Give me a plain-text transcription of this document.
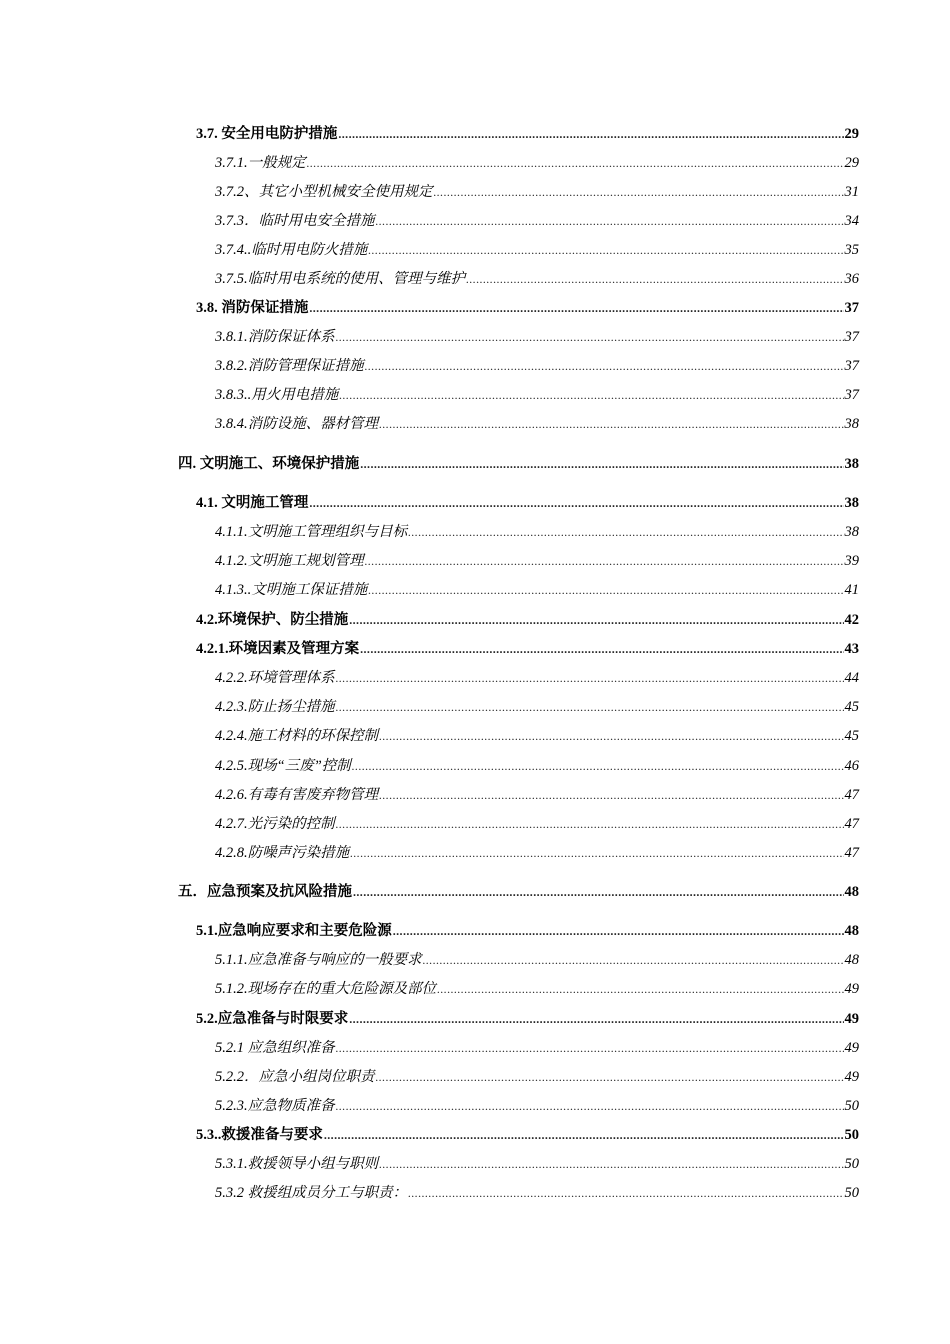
3.7. 安全用电防护措施 .....	29
3.7.1.一般规定 .....	29
3.7.2、其它小型机械安全使用规定 .....	31
3.7.3．临时用电安全措施 .....	34
3.7.4..临时用电防火措施 .....	35
3.7.5.临时用电系统的使用、管理与维护 .....	36
3.8. 消防保证措施 .....	37
3.8.1.消防保证体系 .....	37
3.8.2.消防管理保证措施 .....	37
3.8.3..用火用电措施 .....	37
3.8.4.消防设施、器材管理 .....	38
四. 文明施工、环境保护措施 .....	38
4.1. 文明施工管理 .....	38
4.1.1.文明施工管理组织与目标 .....	38
4.1.2.文明施工规划管理 .....	39
4.1.3..文明施工保证措施 .....	41
4.2.环境保护、防尘措施 .....	42
4.2.1.环境因素及管理方案 .....	43
4.2.2.环境管理体系 .....	44
4.2.3.防止扬尘措施 .....	45
4.2.4.施工材料的环保控制 .....	45
4.2.5.现场“三废”控制 .....	46
4.2.6.有毒有害废弃物管理 .....	47
4.2.7.光污染的控制 .....	47
4.2.8.防噪声污染措施 .....	47
五．应急预案及抗风险措施 .....	48
5.1.应急响应要求和主要危险源 .....	48
5.1.1.应急准备与响应的一般要求 .....	48
5.1.2.现场存在的重大危险源及部位 .....	49
5.2.应急准备与时限要求 .....	49
5.2.1 应急组织准备 .....	49
5.2.2．应急小组岗位职责 .....	49
5.2.3.应急物质准备 .....	50
5.3..救援准备与要求 .....	50
5.3.1.救援领导小组与职则 .....	50
5.3.2 救援组成员分工与职责： .....	50
